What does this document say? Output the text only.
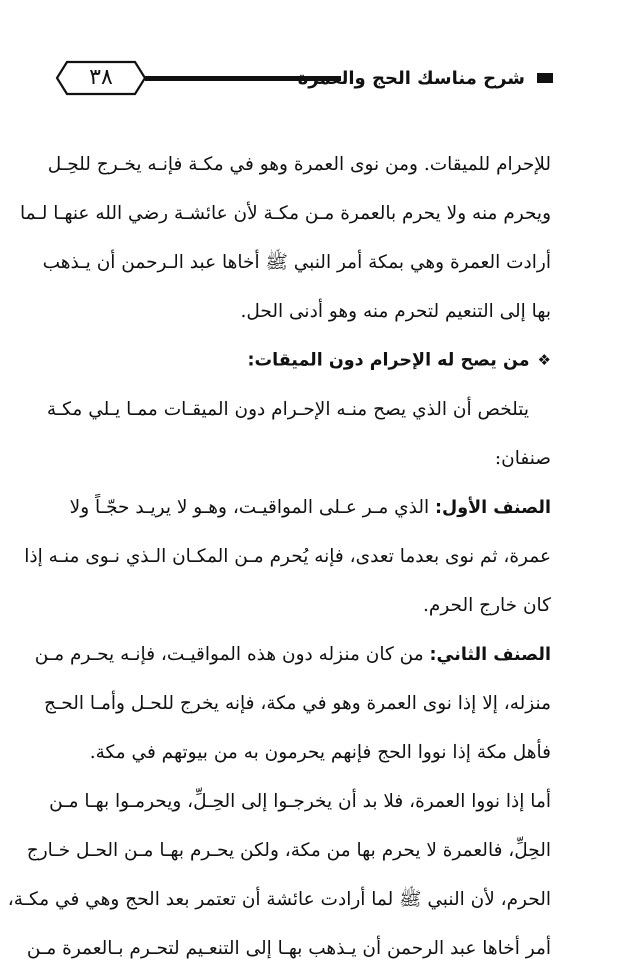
٣٨	شرح مناسك الحج والعمرة
للإحرام للميقات. ومن نوى العمرة وهو في مكـة فإنـه يخـرج للحِـل
ويحرم منه ولا يحرم بالعمرة مـن مكـة لأن عائشـة رضي الله عنهـا لـما
أرادت العمرة وهي بمكة أمر النبي ﷺ أخاها عبد الـرحمن أن يـذهب
بها إلى التنعيم لتحرم منه وهو أدنى الحل.
❖من يصح له الإحرام دون الميقات:
يتلخص أن الذي يصح منـه الإحـرام دون الميقـات ممـا يـلي مكـة
صنفان:
الصنف الأول: الذي مـر عـلى المواقيـت، وهـو لا يريـد حجّـاً ولا
عمرة، ثم نوى بعدما تعدى، فإنه يُحرم مـن المكـان الـذي نـوى منـه إذا
كان خارج الحرم.
الصنف الثاني: من كان منزله دون هذه المواقيـت، فإنـه يحـرم مـن
منزله، إلا إذا نوى العمرة وهو في مكة، فإنه يخرج للحـل وأمـا الحـج
فأهل مكة إذا نووا الحج فإنهم يحرمون به من بيوتهم في مكة.
أما إذا نووا العمرة، فلا بد أن يخرجـوا إلى الحِـلِّ، ويحرمـوا بهـا مـن
الحِلِّ، فالعمرة لا يحرم بها من مكة، ولكن يحـرم بهـا مـن الحـل خـارج
الحرم، لأن النبي ﷺ لما أرادت عائشة أن تعتمر بعد الحج وهي في مكـة،
أمر أخاها عبد الرحمن أن يـذهب بهـا إلى التنعـيم لتحـرم بـالعمرة مـن
